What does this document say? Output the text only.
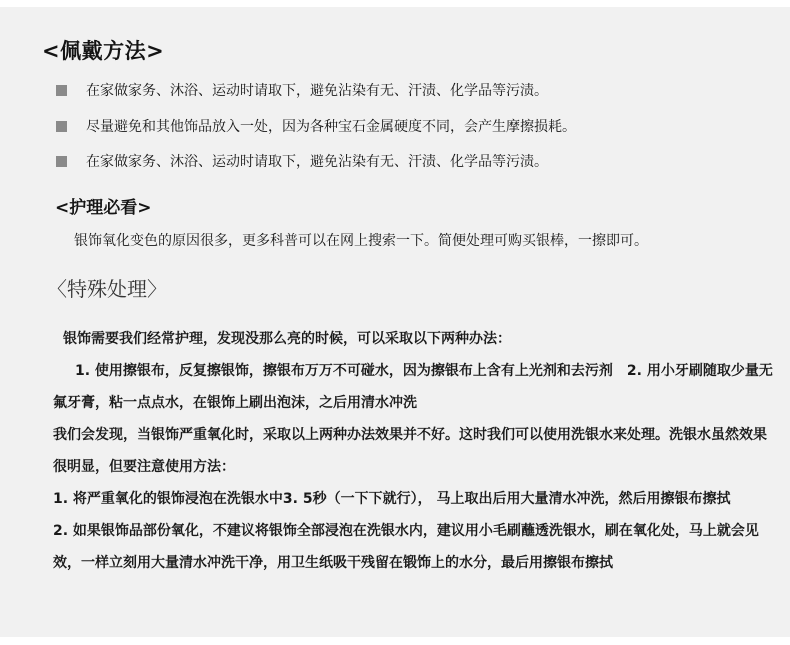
<佩戴方法>
在家做家务、沐浴、运动时请取下，避免沾染有无、汗渍、化学品等污渍。
尽量避免和其他饰品放入一处，因为各种宝石金属硬度不同，会产生摩擦损耗。
在家做家务、沐浴、运动时请取下，避免沾染有无、汗渍、化学品等污渍。
<护理必看>
银饰氧化变色的原因很多，更多科普可以在网上搜索一下。简便处理可购买银棒，一擦即可。
〈特殊处理〉

银饰需要我们经常护理，发现没那么亮的时候，可以采取以下两种办法：

1. 使用擦银布，反复擦银饰，擦银布万万不可碰水，因为擦银布上含有上光剂和去污剂　2. 用小牙刷随取少量无氟牙膏，粘一点点水，在银饰上刷出泡沫，之后用清水冲洗

我们会发现，当银饰严重氧化时，采取以上两种办法效果并不好。这时我们可以使用洗银水来处理。洗银水虽然效果很明显，但要注意使用方法：

1. 将严重氧化的银饰浸泡在洗银水中3. 5秒（一下下就行）， 马上取出后用大量清水冲洗，然后用擦银布擦拭

2. 如果银饰品部份氧化，不建议将银饰全部浸泡在洗银水内，建议用小毛刷蘸透洗银水，刷在氧化处，马上就会见效，一样立刻用大量清水冲洗干净，用卫生纸吸干残留在锻饰上的水分，最后用擦银布擦拭
